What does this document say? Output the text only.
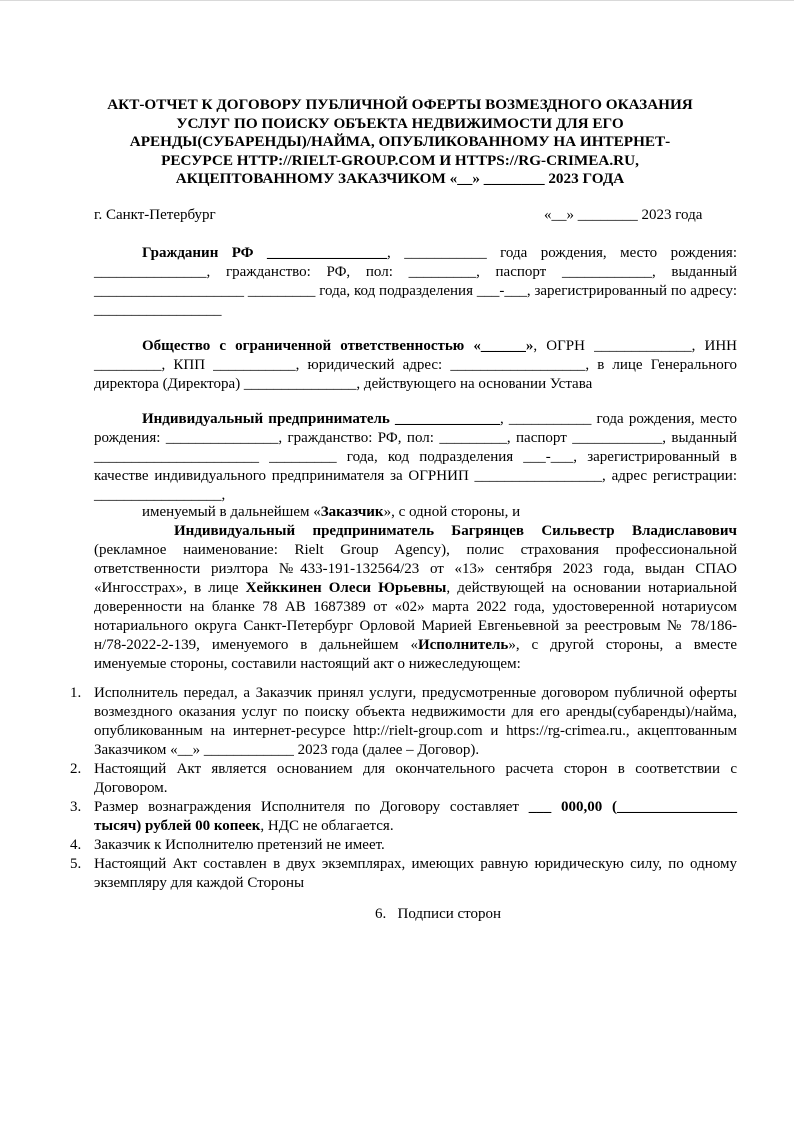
АКТ-ОТЧЕТ К ДОГОВОРУ ПУБЛИЧНОЙ ОФЕРТЫ ВОЗМЕЗДНОГО ОКАЗАНИЯ УСЛУГ ПО ПОИСКУ ОБЪЕКТА НЕДВИЖИМОСТИ ДЛЯ ЕГО АРЕНДЫ(СУБАРЕНДЫ)/НАЙМА, ОПУБЛИКОВАННОМУ НА ИНТЕРНЕТ-РЕСУРСЕ HTTP://RIELT-GROUP.COM И HTTPS://RG-CRIMEA.RU, АКЦЕПТОВАННОМУ ЗАКАЗЧИКОМ «__» ________ 2023 ГОДА
г. Санкт-Петербург	«__» ________ 2023 года
Гражданин РФ ________________, ___________ года рождения, место рождения: _______________, гражданство: РФ, пол: _________, паспорт ____________, выданный ____________________ _________ года, код подразделения ___-___, зарегистрированный по адресу: _________________
Общество с ограниченной ответственностью «______», ОГРН _____________, ИНН _________, КПП ___________, юридический адрес: __________________, в лице Генерального директора (Директора) _______________, действующего на основании Устава
Индивидуальный предприниматель ______________, ___________ года рождения, место рождения: _______________, гражданство: РФ, пол: _________, паспорт ____________, выданный ______________________ _________ года, код подразделения ___-___, зарегистрированный в качестве индивидуального предпринимателя за ОГРНИП _________________, адрес регистрации: _________________,
именуемый в дальнейшем «Заказчик», с одной стороны, и
Индивидуальный предприниматель Багрянцев Сильвестр Владиславович (рекламное наименование: Rielt Group Agency), полис страхования профессиональной ответственности риэлтора №433-191-132564/23 от «13» сентября 2023 года, выдан СПАО «Ингосстрах», в лице Хейккинен Олеси Юрьевны, действующей на основании нотариальной доверенности на бланке 78 АВ 1687389 от «02» марта 2022 года, удостоверенной нотариусом нотариального округа Санкт-Петербург Орловой Марией Евгеньевной за реестровым № 78/186-н/78-2022-2-139, именуемого в дальнейшем «Исполнитель», с другой стороны, а вместе именуемые стороны, составили настоящий акт о нижеследующем:
1. Исполнитель передал, а Заказчик принял услуги, предусмотренные договором публичной оферты возмездного оказания услуг по поиску объекта недвижимости для его аренды(субаренды)/найма, опубликованным на интернет-ресурсе http://rielt-group.com и https://rg-crimea.ru., акцептованным Заказчиком «__» ____________ 2023 года (далее – Договор).
2. Настоящий Акт является основанием для окончательного расчета сторон в соответствии с Договором.
3. Размер вознаграждения Исполнителя по Договору составляет ___ 000,00 (________________ тысяч) рублей 00 копеек, НДС не облагается.
4. Заказчик к Исполнителю претензий не имеет.
5. Настоящий Акт составлен в двух экземплярах, имеющих равную юридическую силу, по одному экземпляру для каждой Стороны
6.   Подписи сторон
